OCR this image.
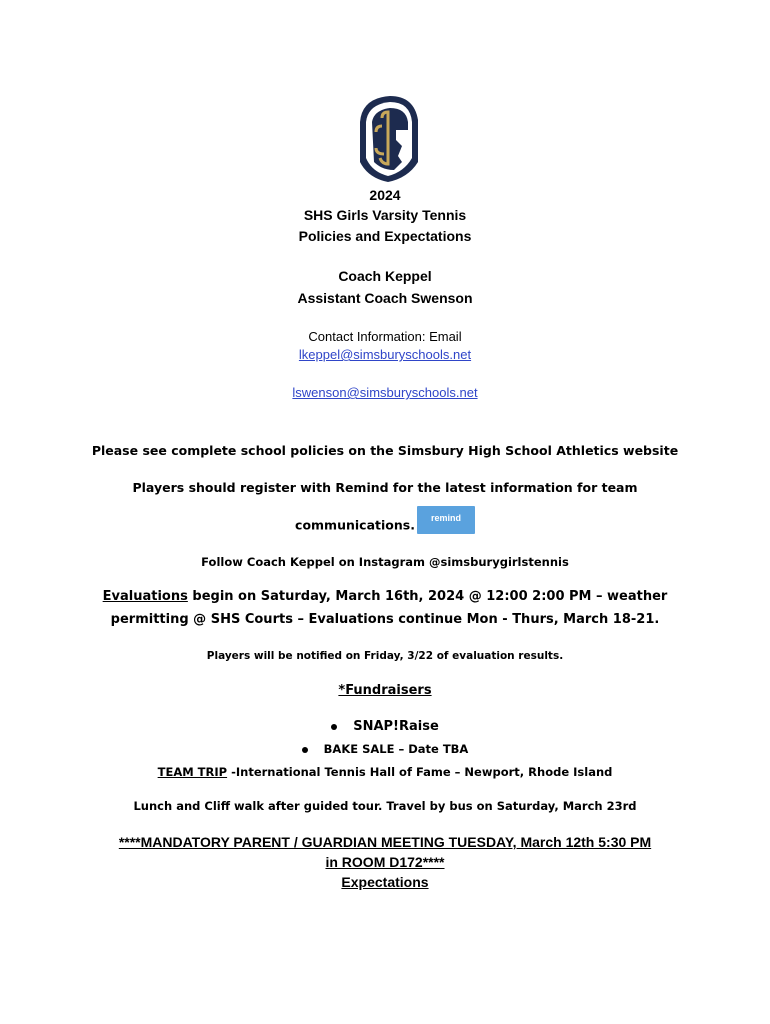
2024
SHS Girls Varsity Tennis
Policies and Expectations
Coach Keppel
Assistant Coach Swenson
Contact Information: Email
lkeppel@simsburyschools.net
lswenson@simsburyschools.net
Please see complete school policies on the Simsbury High School Athletics website
Players should register with Remind for the latest information for team
communications.	remind
Follow Coach Keppel on Instagram @simsburygirlstennis
Evaluations begin on Saturday, March 16th, 2024 @ 12:00 2:00 PM – weather
permitting @ SHS Courts – Evaluations continue Mon - Thurs, March 18-21.
Players will be notified on Friday, 3/22 of evaluation results.
*Fundraisers
SNAP!Raise
BAKE SALE – Date TBA
TEAM TRIP -International Tennis Hall of Fame – Newport, Rhode Island
Lunch and Cliff walk after guided tour. Travel by bus on Saturday, March 23rd
****MANDATORY PARENT / GUARDIAN MEETING TUESDAY, March 12th 5:30 PM
in ROOM D172****
Expectations
